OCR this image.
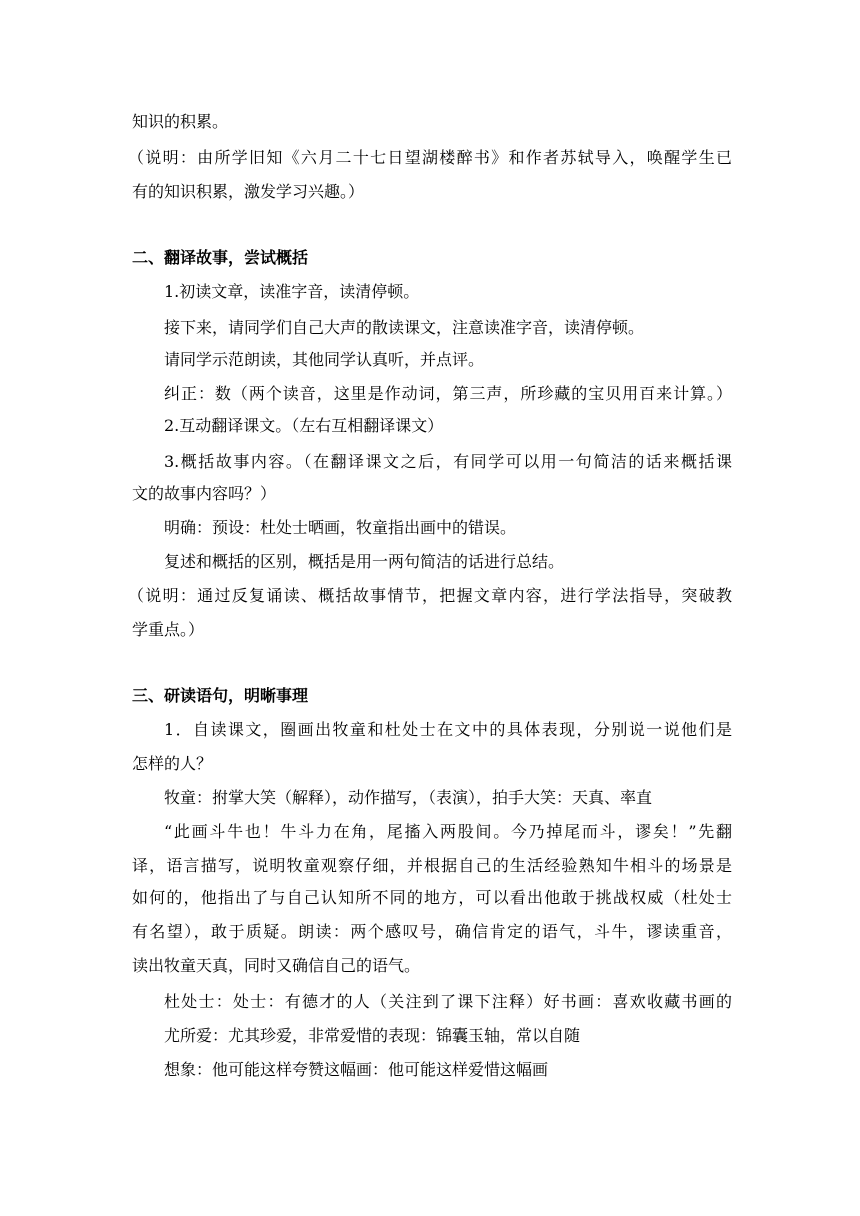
知识的积累。
（说明：由所学旧知《六月二十七日望湖楼醉书》和作者苏轼导入，唤醒学生已
有的知识积累，激发学习兴趣。）
二、翻译故事，尝试概括
1.初读文章，读准字音，读清停顿。
接下来，请同学们自己大声的散读课文，注意读准字音，读清停顿。
请同学示范朗读，其他同学认真听，并点评。
纠正：数（两个读音，这里是作动词，第三声，所珍藏的宝贝用百来计算。）
2.互动翻译课文。（左右互相翻译课文）
3.概括故事内容。（在翻译课文之后，有同学可以用一句简洁的话来概括课
文的故事内容吗？）
明确：预设：杜处士晒画，牧童指出画中的错误。
复述和概括的区别，概括是用一两句简洁的话进行总结。
（说明：通过反复诵读、概括故事情节，把握文章内容，进行学法指导，突破教
学重点。）
三、研读语句，明晰事理
1．自读课文，圈画出牧童和杜处士在文中的具体表现，分别说一说他们是
怎样的人？
牧童：拊掌大笑（解释），动作描写，（表演），拍手大笑：天真、率直
“此画斗牛也！牛斗力在角，尾搐入两股间。今乃掉尾而斗，谬矣！”先翻
译，语言描写，说明牧童观察仔细，并根据自己的生活经验熟知牛相斗的场景是
如何的，他指出了与自己认知所不同的地方，可以看出他敢于挑战权威（杜处士
有名望），敢于质疑。朗读：两个感叹号，确信肯定的语气，斗牛，谬读重音，
读出牧童天真，同时又确信自己的语气。
杜处士：处士：有德才的人（关注到了课下注释）好书画：喜欢收藏书画的
尤所爱：尤其珍爱，非常爱惜的表现：锦囊玉轴，常以自随
想象：他可能这样夸赞这幅画：他可能这样爱惜这幅画
